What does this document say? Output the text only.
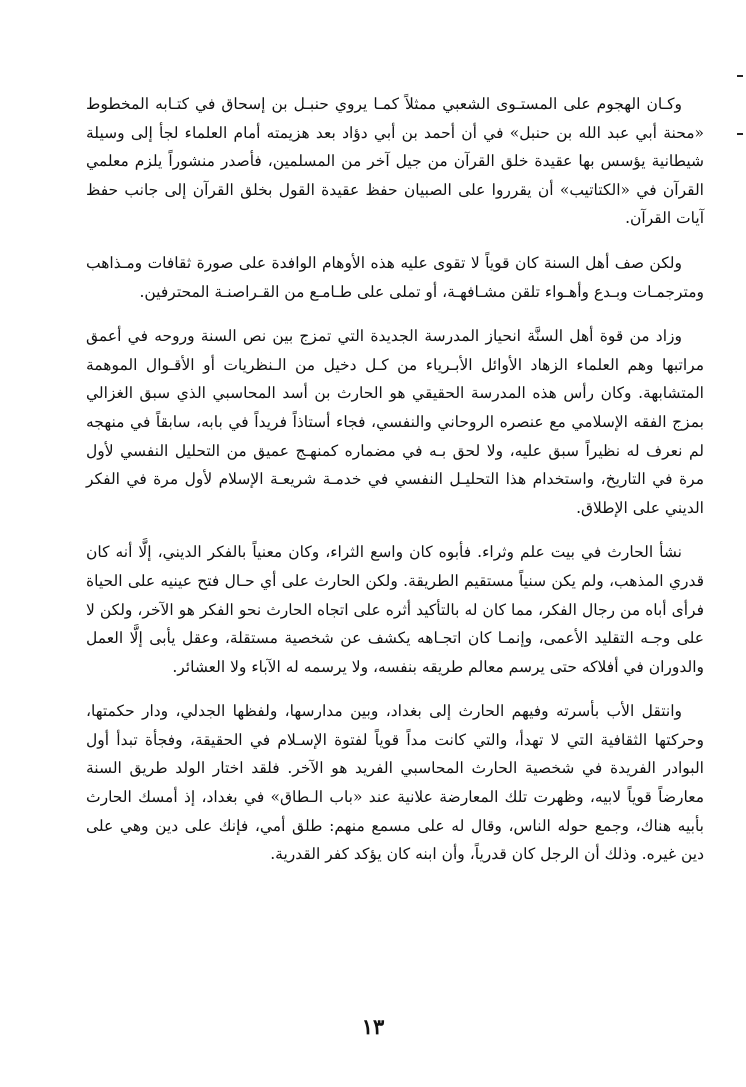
وكـان الهجوم على المستـوى الشعبي ممثلاً كمـا يروي حنبـل بن إسحاق في كتـابه المخطوط «محنة أبي عبد الله بن حنبل» في أن أحمد بن أبي دؤاد بعد هزيمته أمام العلماء لجأ إلى وسيلة شيطانية يؤسس بها عقيدة خلق القرآن من جيل آخر من المسلمين، فأصدر منشوراً يلزم معلمي القرآن في «الكتاتيب» أن يقرروا على الصبيان حفظ عقيدة القول بخلق القرآن إلى جانب حفظ آيات القرآن.

ولكن صف أهل السنة كان قوياً لا تقوى عليه هذه الأوهام الوافدة على صورة ثقافات ومـذاهب ومترجمـات وبـدع وأهـواء تلقن مشـافهـة، أو تملى على طـامـع من القـراصنـة المحترفين.

وزاد من قوة أهل السنَّة انحياز المدرسة الجديدة التي تمزج بين نص السنة وروحه في أعمق مراتبها وهم العلماء الزهاد الأوائل الأبـرياء من كـل دخيل من الـنظريات أو الأقـوال الموهمة المتشابهة. وكان رأس هذه المدرسة الحقيقي هو الحارث بن أسد المحاسبي الذي سبق الغزالي بمزج الفقه الإسلامي مع عنصره الروحاني والنفسي، فجاء أستاذاً فريداً في بابه، سابقاً في منهجه لم نعرف له نظيراً سبق عليه، ولا لحق بـه في مضماره كمنهـج عميق من التحليل النفسي لأول مرة في التاريخ، واستخدام هذا التحليـل النفسي في خدمـة شريعـة الإسلام لأول مرة في الفكر الديني على الإطلاق.

نشأ الحارث في بيت علم وثراء. فأبوه كان واسع الثراء، وكان معنياً بالفكر الديني، إلَّا أنه كان قدري المذهب، ولم يكن سنياً مستقيم الطريقة. ولكن الحارث على أي حـال فتح عينيه على الحياة فرأى أباه من رجال الفكر، مما كان له بالتأكيد أثره على اتجاه الحارث نحو الفكر هو الآخر، ولكن لا على وجـه التقليد الأعمى، وإنمـا كان اتجـاهه يكشف عن شخصية مستقلة، وعقل يأبى إلَّا العمل والدوران في أفلاكه حتى يرسم معالم طريقه بنفسه، ولا يرسمه له الآباء ولا العشائر.

وانتقل الأب بأسرته وفيهم الحارث إلى بغداد، وبين مدارسها، ولفظها الجدلي، ودار حكمتها، وحركتها الثقافية التي لا تهدأ، والتي كانت مداً قوياً لفتوة الإسـلام في الحقيقة، وفجأة تبدأ أول البوادر الفريدة في شخصية الحارث المحاسبي الفريد هو الآخر. فلقد اختار الولد طريق السنة معارضاً قوياً لابيه، وظهرت تلك المعارضة علانية عند «باب الـطاق» في بغداد، إذ أمسك الحارث بأبيه هناك، وجمع حوله الناس، وقال له على مسمع منهم: طلق أمي، فإنك على دين وهي على دين غيره. وذلك أن الرجل كان قدرياً، وأن ابنه كان يؤكد كفر القدرية.

١٣
